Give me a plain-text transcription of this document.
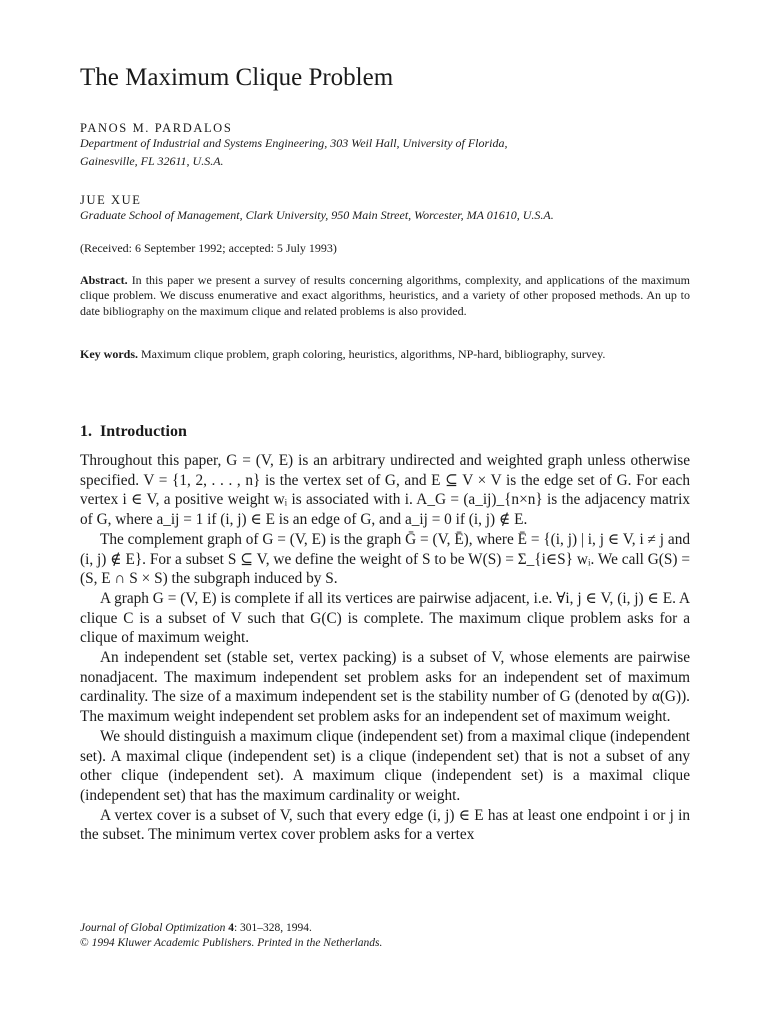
The Maximum Clique Problem
PANOS M. PARDALOS
Department of Industrial and Systems Engineering, 303 Weil Hall, University of Florida,
Gainesville, FL 32611, U.S.A.
JUE XUE
Graduate School of Management, Clark University, 950 Main Street, Worcester, MA 01610, U.S.A.
(Received: 6 September 1992; accepted: 5 July 1993)
Abstract. In this paper we present a survey of results concerning algorithms, complexity, and applications of the maximum clique problem. We discuss enumerative and exact algorithms, heuristics, and a variety of other proposed methods. An up to date bibliography on the maximum clique and related problems is also provided.
Key words. Maximum clique problem, graph coloring, heuristics, algorithms, NP-hard, bibliography, survey.
1. Introduction

Throughout this paper, G = (V, E) is an arbitrary undirected and weighted graph unless otherwise specified. V = {1, 2, . . . , n} is the vertex set of G, and E ⊆ V × V is the edge set of G. For each vertex i ∈ V, a positive weight wᵢ is associated with i. A_G = (a_ij)_{n×n} is the adjacency matrix of G, where a_ij = 1 if (i, j) ∈ E is an edge of G, and a_ij = 0 if (i, j) ∉ E.

The complement graph of G = (V, E) is the graph Ḡ = (V, Ē), where Ē = {(i, j) | i, j ∈ V, i ≠ j and (i, j) ∉ E}. For a subset S ⊆ V, we define the weight of S to be W(S) = Σ_{i∈S} wᵢ. We call G(S) = (S, E ∩ S × S) the subgraph induced by S.

A graph G = (V, E) is complete if all its vertices are pairwise adjacent, i.e. ∀i, j ∈ V, (i, j) ∈ E. A clique C is a subset of V such that G(C) is complete. The maximum clique problem asks for a clique of maximum weight.

An independent set (stable set, vertex packing) is a subset of V, whose elements are pairwise nonadjacent. The maximum independent set problem asks for an independent set of maximum cardinality. The size of a maximum independent set is the stability number of G (denoted by α(G)). The maximum weight independent set problem asks for an independent set of maximum weight.

We should distinguish a maximum clique (independent set) from a maximal clique (independent set). A maximal clique (independent set) is a clique (independent set) that is not a subset of any other clique (independent set). A maximum clique (independent set) is a maximal clique (independent set) that has the maximum cardinality or weight.

A vertex cover is a subset of V, such that every edge (i, j) ∈ E has at least one endpoint i or j in the subset. The minimum vertex cover problem asks for a vertex

Journal of Global Optimization 4: 301–328, 1994.
© 1994 Kluwer Academic Publishers. Printed in the Netherlands.
